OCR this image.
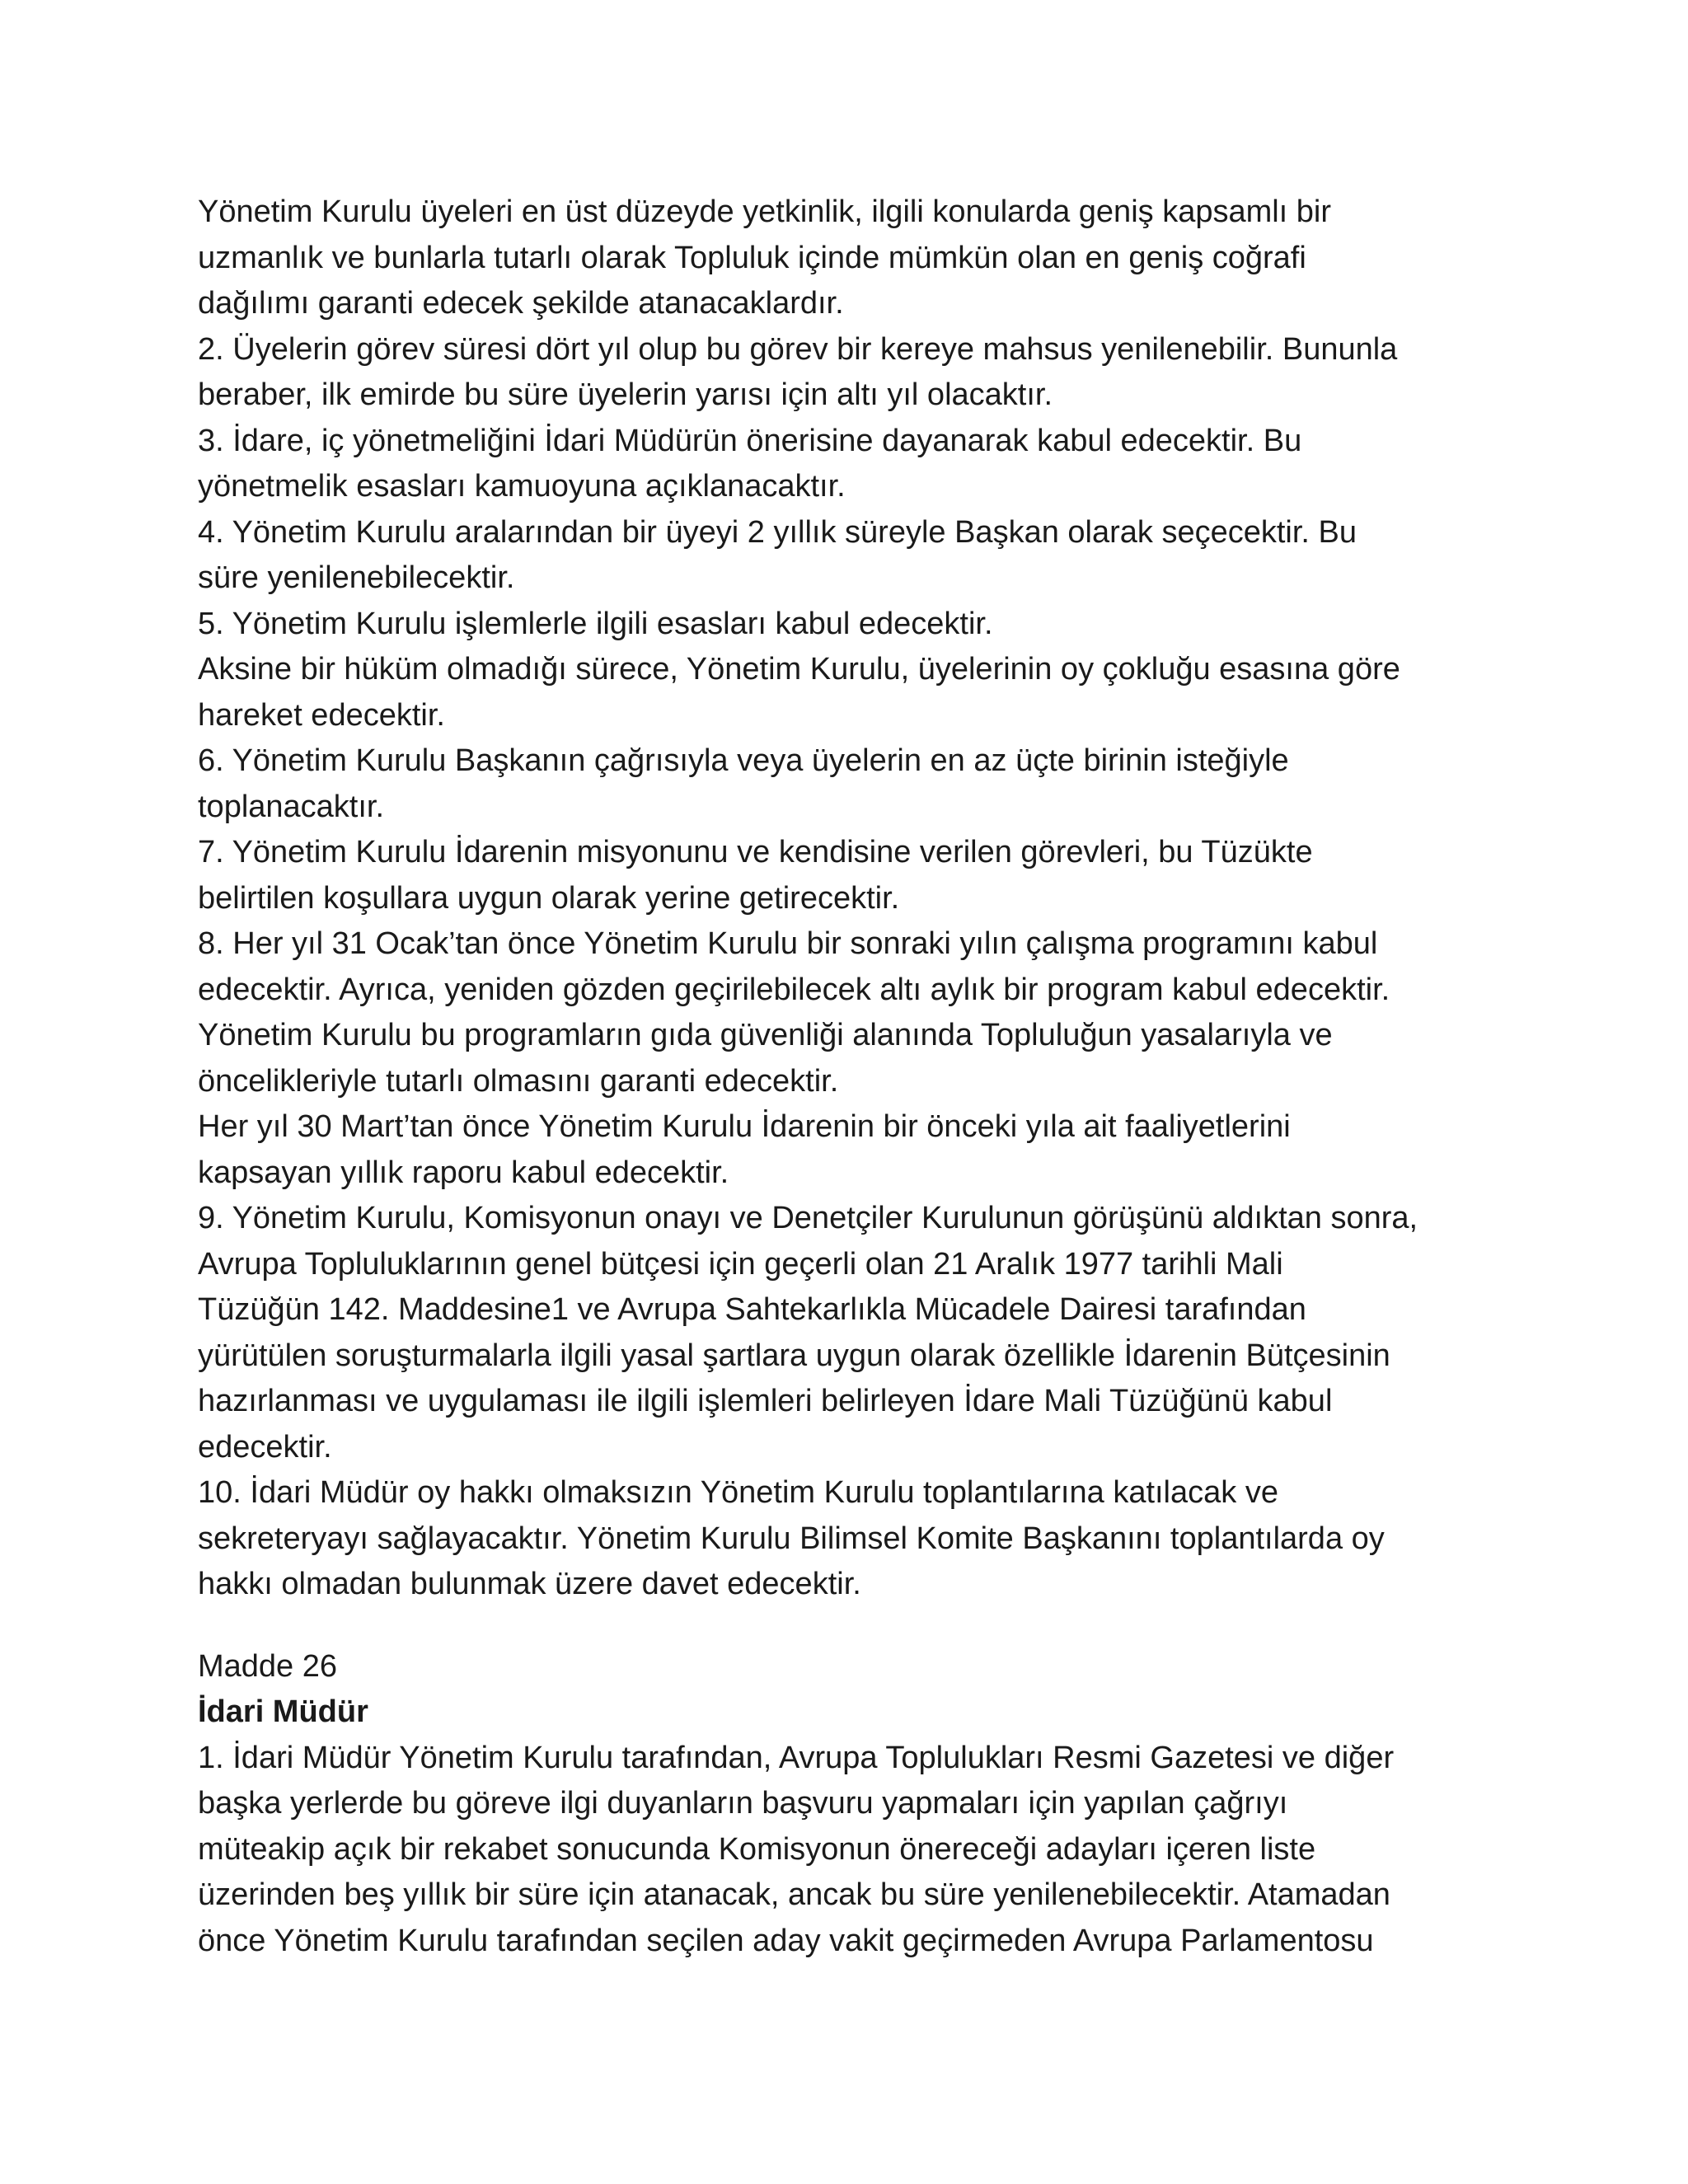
Yönetim Kurulu üyeleri en üst düzeyde yetkinlik, ilgili konularda geniş kapsamlı bir
uzmanlık ve bunlarla tutarlı olarak Topluluk içinde mümkün olan en geniş coğrafi
dağılımı garanti edecek şekilde atanacaklardır.
2. Üyelerin görev süresi dört yıl olup bu görev bir kereye mahsus yenilenebilir. Bununla
beraber, ilk emirde bu süre üyelerin yarısı için altı yıl olacaktır.
3. İdare, iç yönetmeliğini İdari Müdürün önerisine dayanarak kabul edecektir. Bu
yönetmelik esasları kamuoyuna açıklanacaktır.
4. Yönetim Kurulu aralarından bir üyeyi 2 yıllık süreyle Başkan olarak seçecektir. Bu
süre yenilenebilecektir.
5. Yönetim Kurulu işlemlerle ilgili esasları kabul edecektir.
Aksine bir hüküm olmadığı sürece, Yönetim Kurulu, üyelerinin oy çokluğu esasına göre
hareket edecektir.
6. Yönetim Kurulu Başkanın çağrısıyla veya üyelerin en az üçte birinin isteğiyle
toplanacaktır.
7. Yönetim Kurulu İdarenin misyonunu ve kendisine verilen görevleri, bu Tüzükte
belirtilen koşullara uygun olarak yerine getirecektir.
8. Her yıl 31 Ocak’tan önce Yönetim Kurulu bir sonraki yılın çalışma programını kabul
edecektir. Ayrıca, yeniden gözden geçirilebilecek altı aylık bir program kabul edecektir.
Yönetim Kurulu bu programların gıda güvenliği alanında Topluluğun yasalarıyla ve
öncelikleriyle tutarlı olmasını garanti edecektir.
Her yıl 30 Mart’tan önce Yönetim Kurulu İdarenin bir önceki yıla ait faaliyetlerini
kapsayan yıllık raporu kabul edecektir.
9. Yönetim Kurulu, Komisyonun onayı ve Denetçiler Kurulunun görüşünü aldıktan sonra,
Avrupa Topluluklarının genel bütçesi için geçerli olan 21 Aralık 1977 tarihli Mali
Tüzüğün 142. Maddesine1 ve Avrupa Sahtekarlıkla Mücadele Dairesi tarafından
yürütülen soruşturmalarla ilgili yasal şartlara uygun olarak özellikle İdarenin Bütçesinin
hazırlanması ve uygulaması ile ilgili işlemleri belirleyen İdare Mali Tüzüğünü kabul
edecektir.
10. İdari Müdür oy hakkı olmaksızın Yönetim Kurulu toplantılarına katılacak ve
sekreteryayı sağlayacaktır. Yönetim Kurulu Bilimsel Komite Başkanını toplantılarda oy
hakkı olmadan bulunmak üzere davet edecektir.
Madde 26
İdari Müdür
1. İdari Müdür Yönetim Kurulu tarafından, Avrupa Toplulukları Resmi Gazetesi ve diğer
başka yerlerde bu göreve ilgi duyanların başvuru yapmaları için yapılan çağrıyı
müteakip açık bir rekabet sonucunda Komisyonun önereceği adayları içeren liste
üzerinden beş yıllık bir süre için atanacak, ancak bu süre yenilenebilecektir. Atamadan
önce Yönetim Kurulu tarafından seçilen aday vakit geçirmeden Avrupa Parlamentosu
